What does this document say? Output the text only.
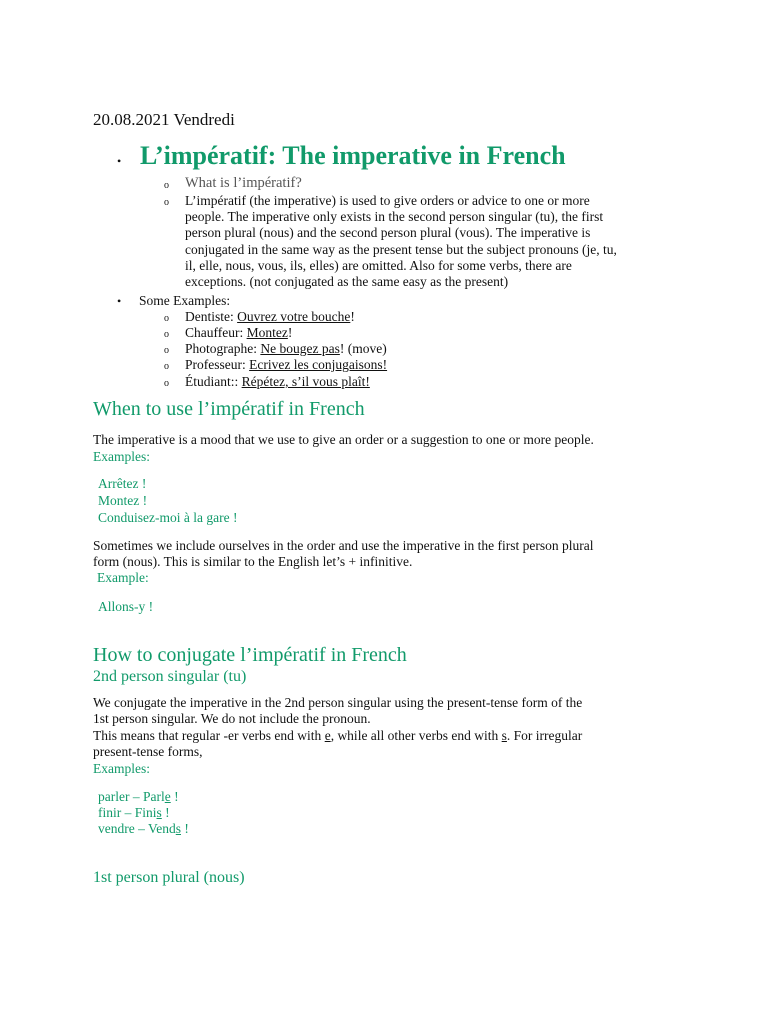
20.08.2021 Vendredi
• L’impératif: The imperative in French
o What is l’impératif?
o L’impératif (the imperative) is used to give orders or advice to one or more
people. The imperative only exists in the second person singular (tu), the first
person plural (nous) and the second person plural (vous). The imperative is
conjugated in the same way as the present tense but the subject pronouns (je, tu,
il, elle, nous, vous, ils, elles) are omitted. Also for some verbs, there are
exceptions. (not conjugated as the same easy as the present)
• Some Examples:
o Dentiste: Ouvrez votre bouche!
o Chauffeur: Montez!
o Photographe: Ne bougez pas! (move)
o Professeur: Ecrivez les conjugaisons!
o Étudiant:: Répétez, s’il vous plaît!
When to use l’impératif in French
The imperative is a mood that we use to give an order or a suggestion to one or more people.
Examples:
Arrêtez !
Montez !
Conduisez-moi à la gare !
Sometimes we include ourselves in the order and use the imperative in the first person plural
form (nous). This is similar to the English let’s + infinitive.
Example:
Allons-y !
How to conjugate l’impératif in French
2nd person singular (tu)
We conjugate the imperative in the 2nd person singular using the present-tense form of the
1st person singular. We do not include the pronoun.
This means that regular -er verbs end with e, while all other verbs end with s. For irregular
present-tense forms,
Examples:
parler – Parle !
finir – Finis !
vendre – Vends !
1st person plural (nous)
